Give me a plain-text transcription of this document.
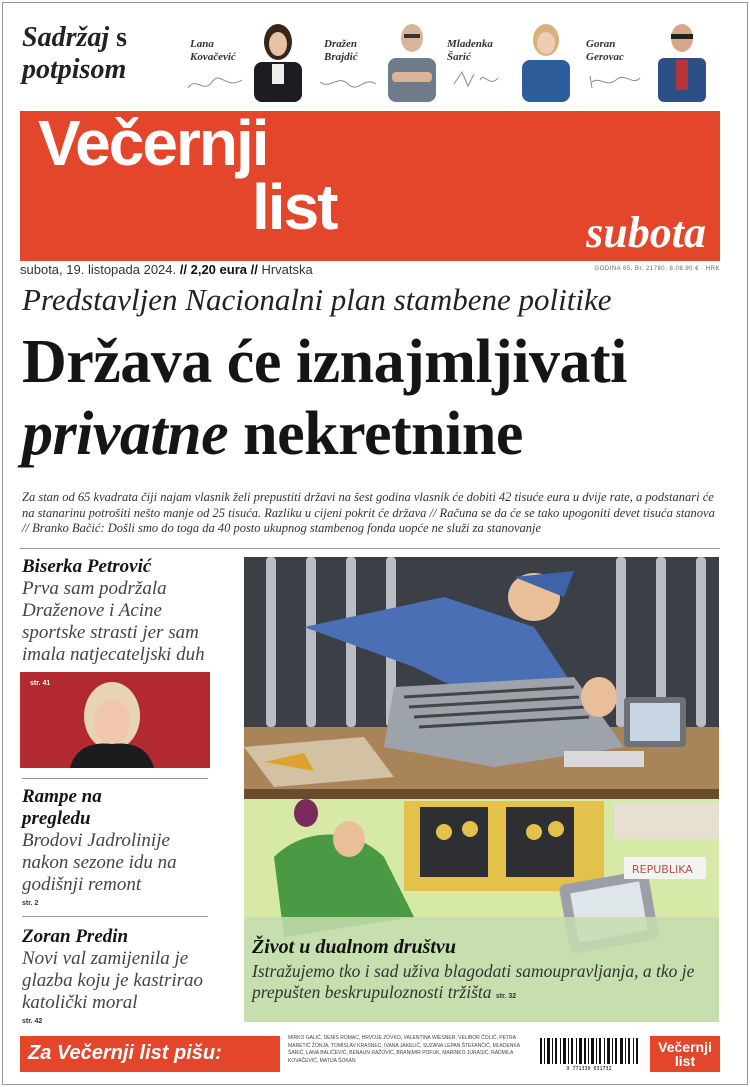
Sadržaj s
potpisom
Lana
Kovačević
Dražen
Brajdić
Mladenka
Šarić
Goran
Gerovac
Večernji
list	subota
subota, 19. listopada 2024. // 2,20 eura // Hrvatska	GODINA 65, Br. 21780, 8.08.90 € · HRK
Predstavljen Nacionalni plan stambene politike
Država će iznajmljivati
privatne nekretnine
Za stan od 65 kvadrata čiji najam vlasnik želi prepustiti državi na šest godina vlasnik će dobiti 42 tisuće eura u dvije rate, a podstanari će na stanarinu potrošiti nešto manje od 25 tisuća. Razliku u cijeni pokrit će država // Računa se da će se tako upogoniti devet tisuća stanova // Branko Bačić: Došli smo do toga da 40 posto ukupnog stambenog fonda uopće ne služi za stanovanje
Biserka Petrović
Prva sam podržala Draženove i Acine sportske strasti jer sam imala natjecateljski duh
str. 41
Rampe na pregledu
Brodovi Jadrolinije nakon sezone idu na godišnji remont
str. 2
Zoran Predin
Novi val zamijenila je glazba koju je kastrirao katolički moral
str. 42
REPUBLIKA
Život u dualnom društvu
Istražujemo tko i sad uživa blagodati samoupravljanja, a tko je prepušten beskrupuloznosti tržišta str. 32
Za Večernji list pišu:
MIRKO GALIĆ, DENIS ROMAC, HRVOJE ZOVKO, VALENTINA WIESNER, VELIBOR ČOLIĆ, PETRA MARETIĆ ŽONJA, TOMISLAV KRASNEC, IVANA JAKELIĆ, SUZANA LEPAN ŠTEFANČIĆ, MLADENKA ŠARIĆ, LANA BALIČEVIĆ, BENAUN RAŽOVIĆ, BRANIMIR POFUK, MARINKO JURASIĆ, RADMILA KOVAČEVIĆ, MATIJA ŠOKAN
9 771330 031732
Večernji
list
